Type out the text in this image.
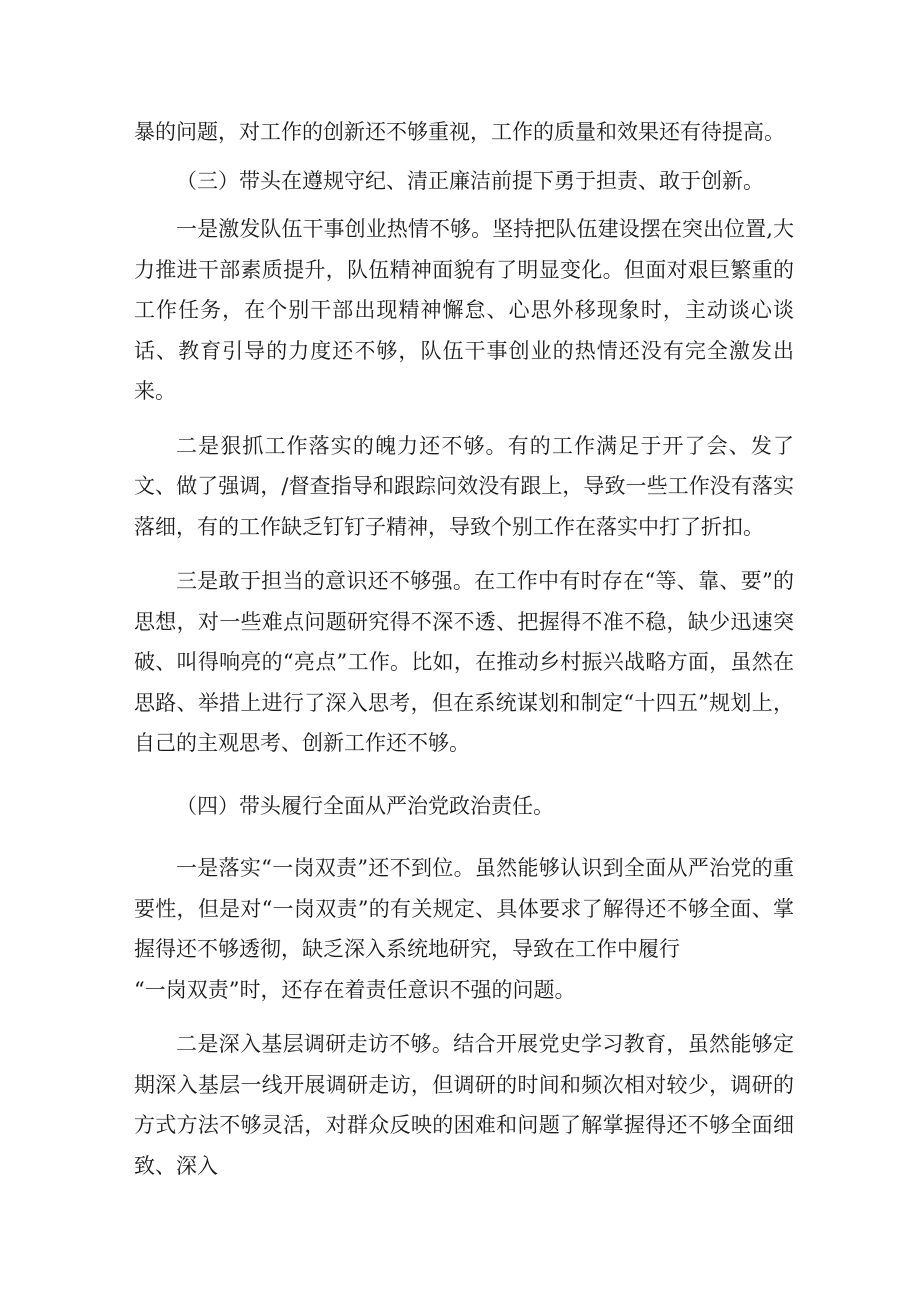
暴的问题，对工作的创新还不够重视，工作的质量和效果还有待提高。

（三）带头在遵规守纪、清正廉洁前提下勇于担责、敢于创新。

一是激发队伍干事创业热情不够。坚持把队伍建设摆在突出位置,大力推进干部素质提升，队伍精神面貌有了明显变化。但面对艰巨繁重的工作任务，在个别干部出现精神懈怠、心思外移现象时，主动谈心谈话、教育引导的力度还不够，队伍干事创业的热情还没有完全激发出来。

二是狠抓工作落实的魄力还不够。有的工作满足于开了会、发了文、做了强调，/督查指导和跟踪问效没有跟上，导致一些工作没有落实落细，有的工作缺乏钉钉子精神，导致个别工作在落实中打了折扣。

三是敢于担当的意识还不够强。在工作中有时存在“等、靠、要”的思想，对一些难点问题研究得不深不透、把握得不准不稳，缺少迅速突破、叫得响亮的“亮点”工作。比如，在推动乡村振兴战略方面，虽然在思路、举措上进行了深入思考，但在系统谋划和制定“十四五”规划上，自己的主观思考、创新工作还不够。

（四）带头履行全面从严治党政治责任。

一是落实“一岗双责”还不到位。虽然能够认识到全面从严治党的重要性，但是对“一岗双责”的有关规定、具体要求了解得还不够全面、掌握得还不够透彻，缺乏深入系统地研究，导致在工作中履行

“一岗双责”时，还存在着责任意识不强的问题。

二是深入基层调研走访不够。结合开展党史学习教育，虽然能够定期深入基层一线开展调研走访，但调研的时间和频次相对较少，调研的方式方法不够灵活，对群众反映的困难和问题了解掌握得还不够全面细致、深入
